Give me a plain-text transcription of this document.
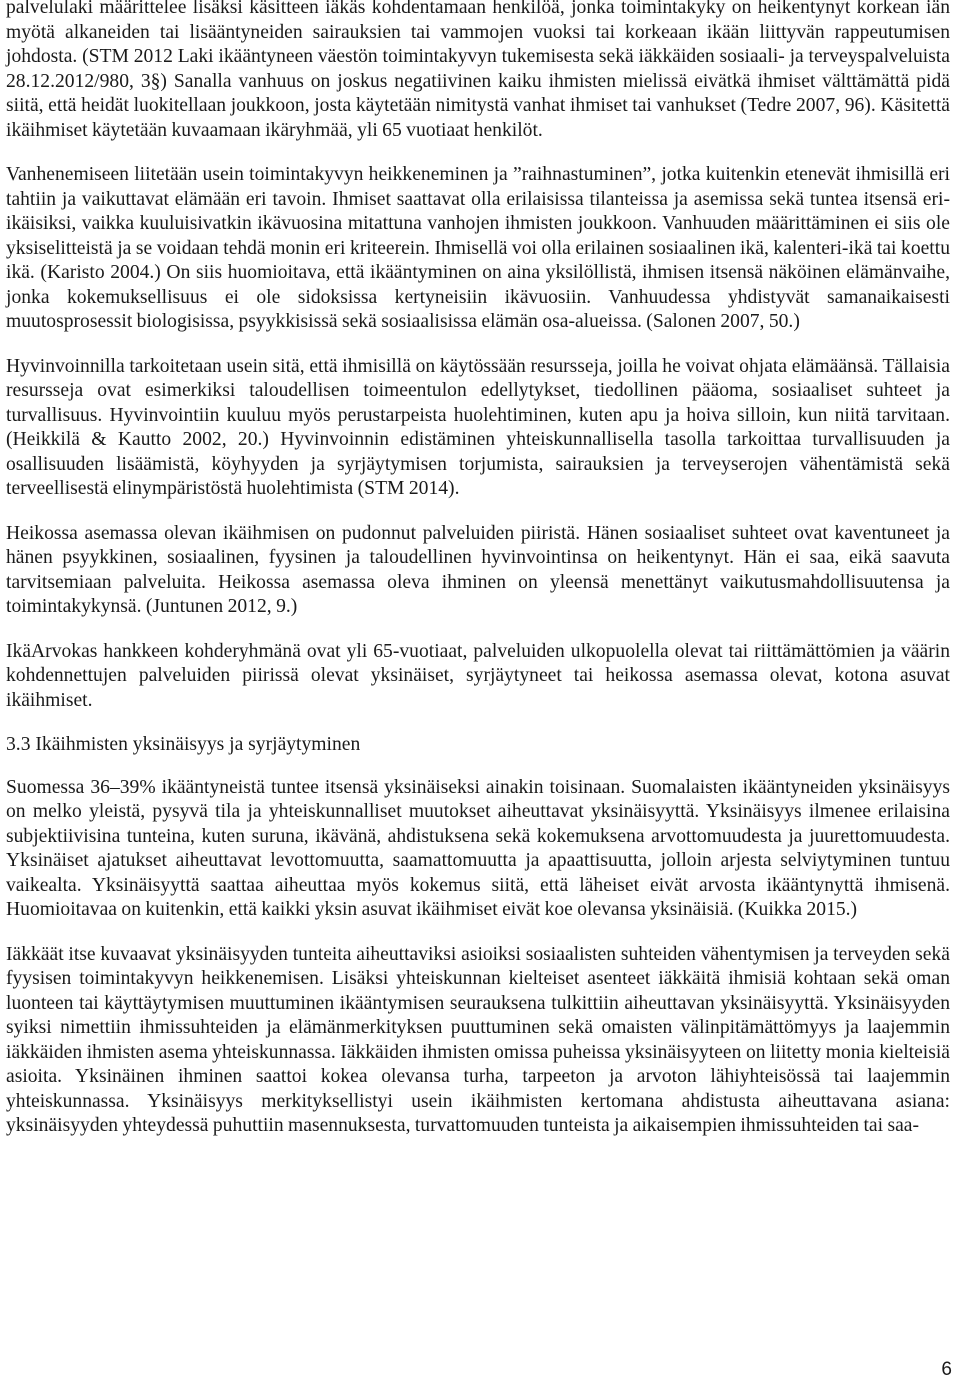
palvelulaki määrittelee lisäksi käsitteen iäkäs kohdentamaan henkilöä, jonka toimintakyky on heikentynyt korkean iän myötä alkaneiden tai lisääntyneiden sairauksien tai vammojen vuoksi tai korkeaan ikään liittyvän rappeutumisen johdosta. (STM 2012 Laki ikääntyneen väestön toimintakyvyn tukemisesta sekä iäkkäiden sosiaali- ja terveyspalveluista 28.12.2012/980, 3§) Sanalla vanhuus on joskus negatiivinen kaiku ihmisten mielissä eivätkä ihmiset välttämättä pidä siitä, että heidät luokitellaan joukkoon, josta käytetään nimitystä vanhat ihmiset tai vanhukset (Tedre 2007, 96). Käsitettä ikäihmiset käytetään kuvaamaan ikäryhmää, yli 65 vuotiaat henkilöt.

Vanhenemiseen liitetään usein toimintakyvyn heikkeneminen ja ”raihnastuminen”, jotka kuitenkin etenevät ihmisillä eri tahtiin ja vaikuttavat elämään eri tavoin. Ihmiset saattavat olla erilaisissa tilanteissa ja asemissa sekä tuntea itsensä eri-ikäisiksi, vaikka kuuluisivatkin ikävuosina mitattuna vanhojen ihmisten joukkoon. Vanhuuden määrittäminen ei siis ole yksiselitteistä ja se voidaan tehdä monin eri kriteerein. Ihmisellä voi olla erilainen sosiaalinen ikä, kalenteri-ikä tai koettu ikä. (Karisto 2004.) On siis huomioitava, että ikääntyminen on aina yksilöllistä, ihmisen itsensä näköinen elämänvaihe, jonka kokemuksellisuus ei ole sidoksissa kertyneisiin ikävuosiin. Vanhuudessa yhdistyvät samanaikaisesti muutosprosessit biologisissa, psyykkisissä sekä sosiaalisissa elämän osa-alueissa. (Salonen 2007, 50.)

Hyvinvoinnilla tarkoitetaan usein sitä, että ihmisillä on käytössään resursseja, joilla he voivat ohjata elämäänsä. Tällaisia resursseja ovat esimerkiksi taloudellisen toimeentulon edellytykset, tiedollinen pääoma, sosiaaliset suhteet ja turvallisuus. Hyvinvointiin kuuluu myös perustarpeista huolehtiminen, kuten apu ja hoiva silloin, kun niitä tarvitaan. (Heikkilä & Kautto 2002, 20.) Hyvinvoinnin edistäminen yhteiskunnallisella tasolla tarkoittaa turvallisuuden ja osallisuuden lisäämistä, köyhyyden ja syrjäytymisen torjumista, sairauksien ja terveyserojen vähentämistä sekä terveellisestä elinympäristöstä huolehtimista (STM 2014).

Heikossa asemassa olevan ikäihmisen on pudonnut palveluiden piiristä. Hänen sosiaaliset suhteet ovat kaventuneet ja hänen psyykkinen, sosiaalinen, fyysinen ja taloudellinen hyvinvointinsa on heikentynyt. Hän ei saa, eikä saavuta tarvitsemiaan palveluita. Heikossa asemassa oleva ihminen on yleensä menettänyt vaikutusmahdollisuutensa ja toimintakykynsä. (Juntunen 2012, 9.)

IkäArvokas hankkeen kohderyhmänä ovat yli 65-vuotiaat, palveluiden ulkopuolella olevat tai riittämättömien ja väärin kohdennettujen palveluiden piirissä olevat yksinäiset, syrjäytyneet tai heikossa asemassa olevat, kotona asuvat ikäihmiset.

3.3 Ikäihmisten yksinäisyys ja syrjäytyminen

Suomessa 36–39% ikääntyneistä tuntee itsensä yksinäiseksi ainakin toisinaan. Suomalaisten ikääntyneiden yksinäisyys on melko yleistä, pysyvä tila ja yhteiskunnalliset muutokset aiheuttavat yksinäisyyttä. Yksinäisyys ilmenee erilaisina subjektiivisina tunteina, kuten suruna, ikävänä, ahdistuksena sekä kokemuksena arvottomuudesta ja juurettomuudesta. Yksinäiset ajatukset aiheuttavat levottomuutta, saamattomuutta ja apaattisuutta, jolloin arjesta selviytyminen tuntuu vaikealta. Yksinäisyyttä saattaa aiheuttaa myös kokemus siitä, että läheiset eivät arvosta ikääntynyttä ihmisenä. Huomioitavaa on kuitenkin, että kaikki yksin asuvat ikäihmiset eivät koe olevansa yksinäisiä. (Kuikka 2015.)

Iäkkäät itse kuvaavat yksinäisyyden tunteita aiheuttaviksi asioiksi sosiaalisten suhteiden vähentymisen ja terveyden sekä fyysisen toimintakyvyn heikkenemisen. Lisäksi yhteiskunnan kielteiset asenteet iäkkäitä ihmisiä kohtaan sekä oman luonteen tai käyttäytymisen muuttuminen ikääntymisen seurauksena tulkittiin aiheuttavan yksinäisyyttä. Yksinäisyyden syiksi nimettiin ihmissuhteiden ja elämänmerkityksen puuttuminen sekä omaisten välinpitämättömyys ja laajemmin iäkkäiden ihmisten asema yhteiskunnassa. Iäkkäiden ihmisten omissa puheissa yksinäisyyteen on liitetty monia kielteisiä asioita. Yksinäinen ihminen saattoi kokea olevansa turha, tarpeeton ja arvoton lähiyhteisössä tai laajemmin yhteiskunnassa. Yksinäisyys merkityksellistyi usein ikäihmisten kertomana ahdistusta aiheuttavana asiana: yksinäisyyden yhteydessä puhuttiin masennuksesta, turvattomuuden tunteista ja aikaisempien ihmissuhteiden tai saa-

6
